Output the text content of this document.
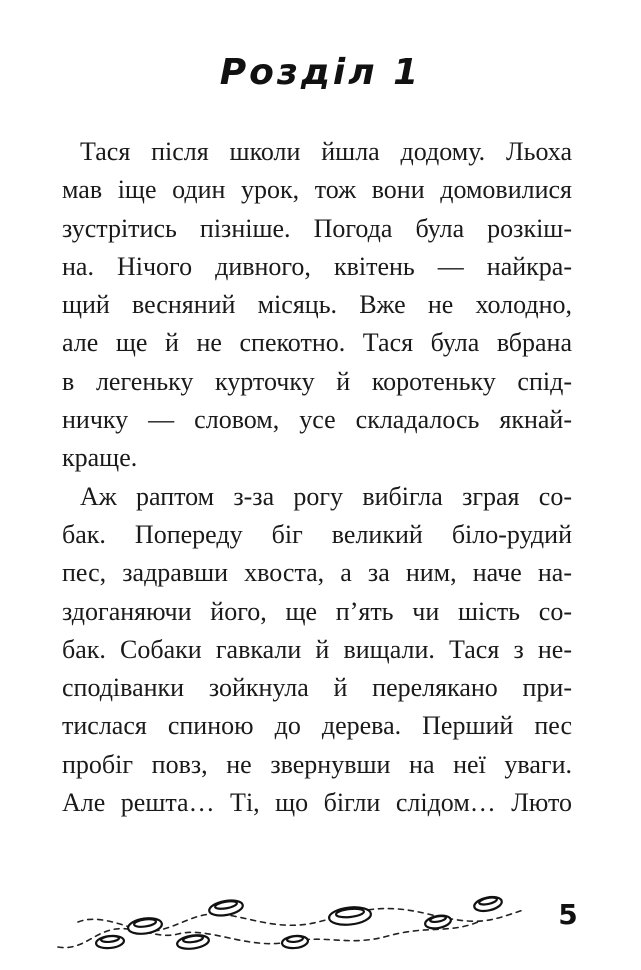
Розділ 1
Тася після школи йшла додому. Льоха
мав іще один урок, тож вони домовилися
зустрітись пізніше. Погода була розкіш-
на. Нічого дивного, квітень — найкра-
щий весняний місяць. Вже не холодно,
але ще й не спекотно. Тася була вбрана
в легеньку курточку й коротеньку спід-
ничку — словом, усе складалось якнай-
краще.
Аж раптом з-за рогу вибігла зграя со-
бак. Попереду біг великий біло-рудий
пес, задравши хвоста, а за ним, наче на-
здоганяючи його, ще п’ять чи шість со-
бак. Собаки гавкали й вищали. Тася з не-
сподіванки зойкнула й перелякано при-
тислася спиною до дерева. Перший пес
пробіг повз, не звернувши на неї уваги.
Але решта… Ті, що бігли слідом… Люто
5
